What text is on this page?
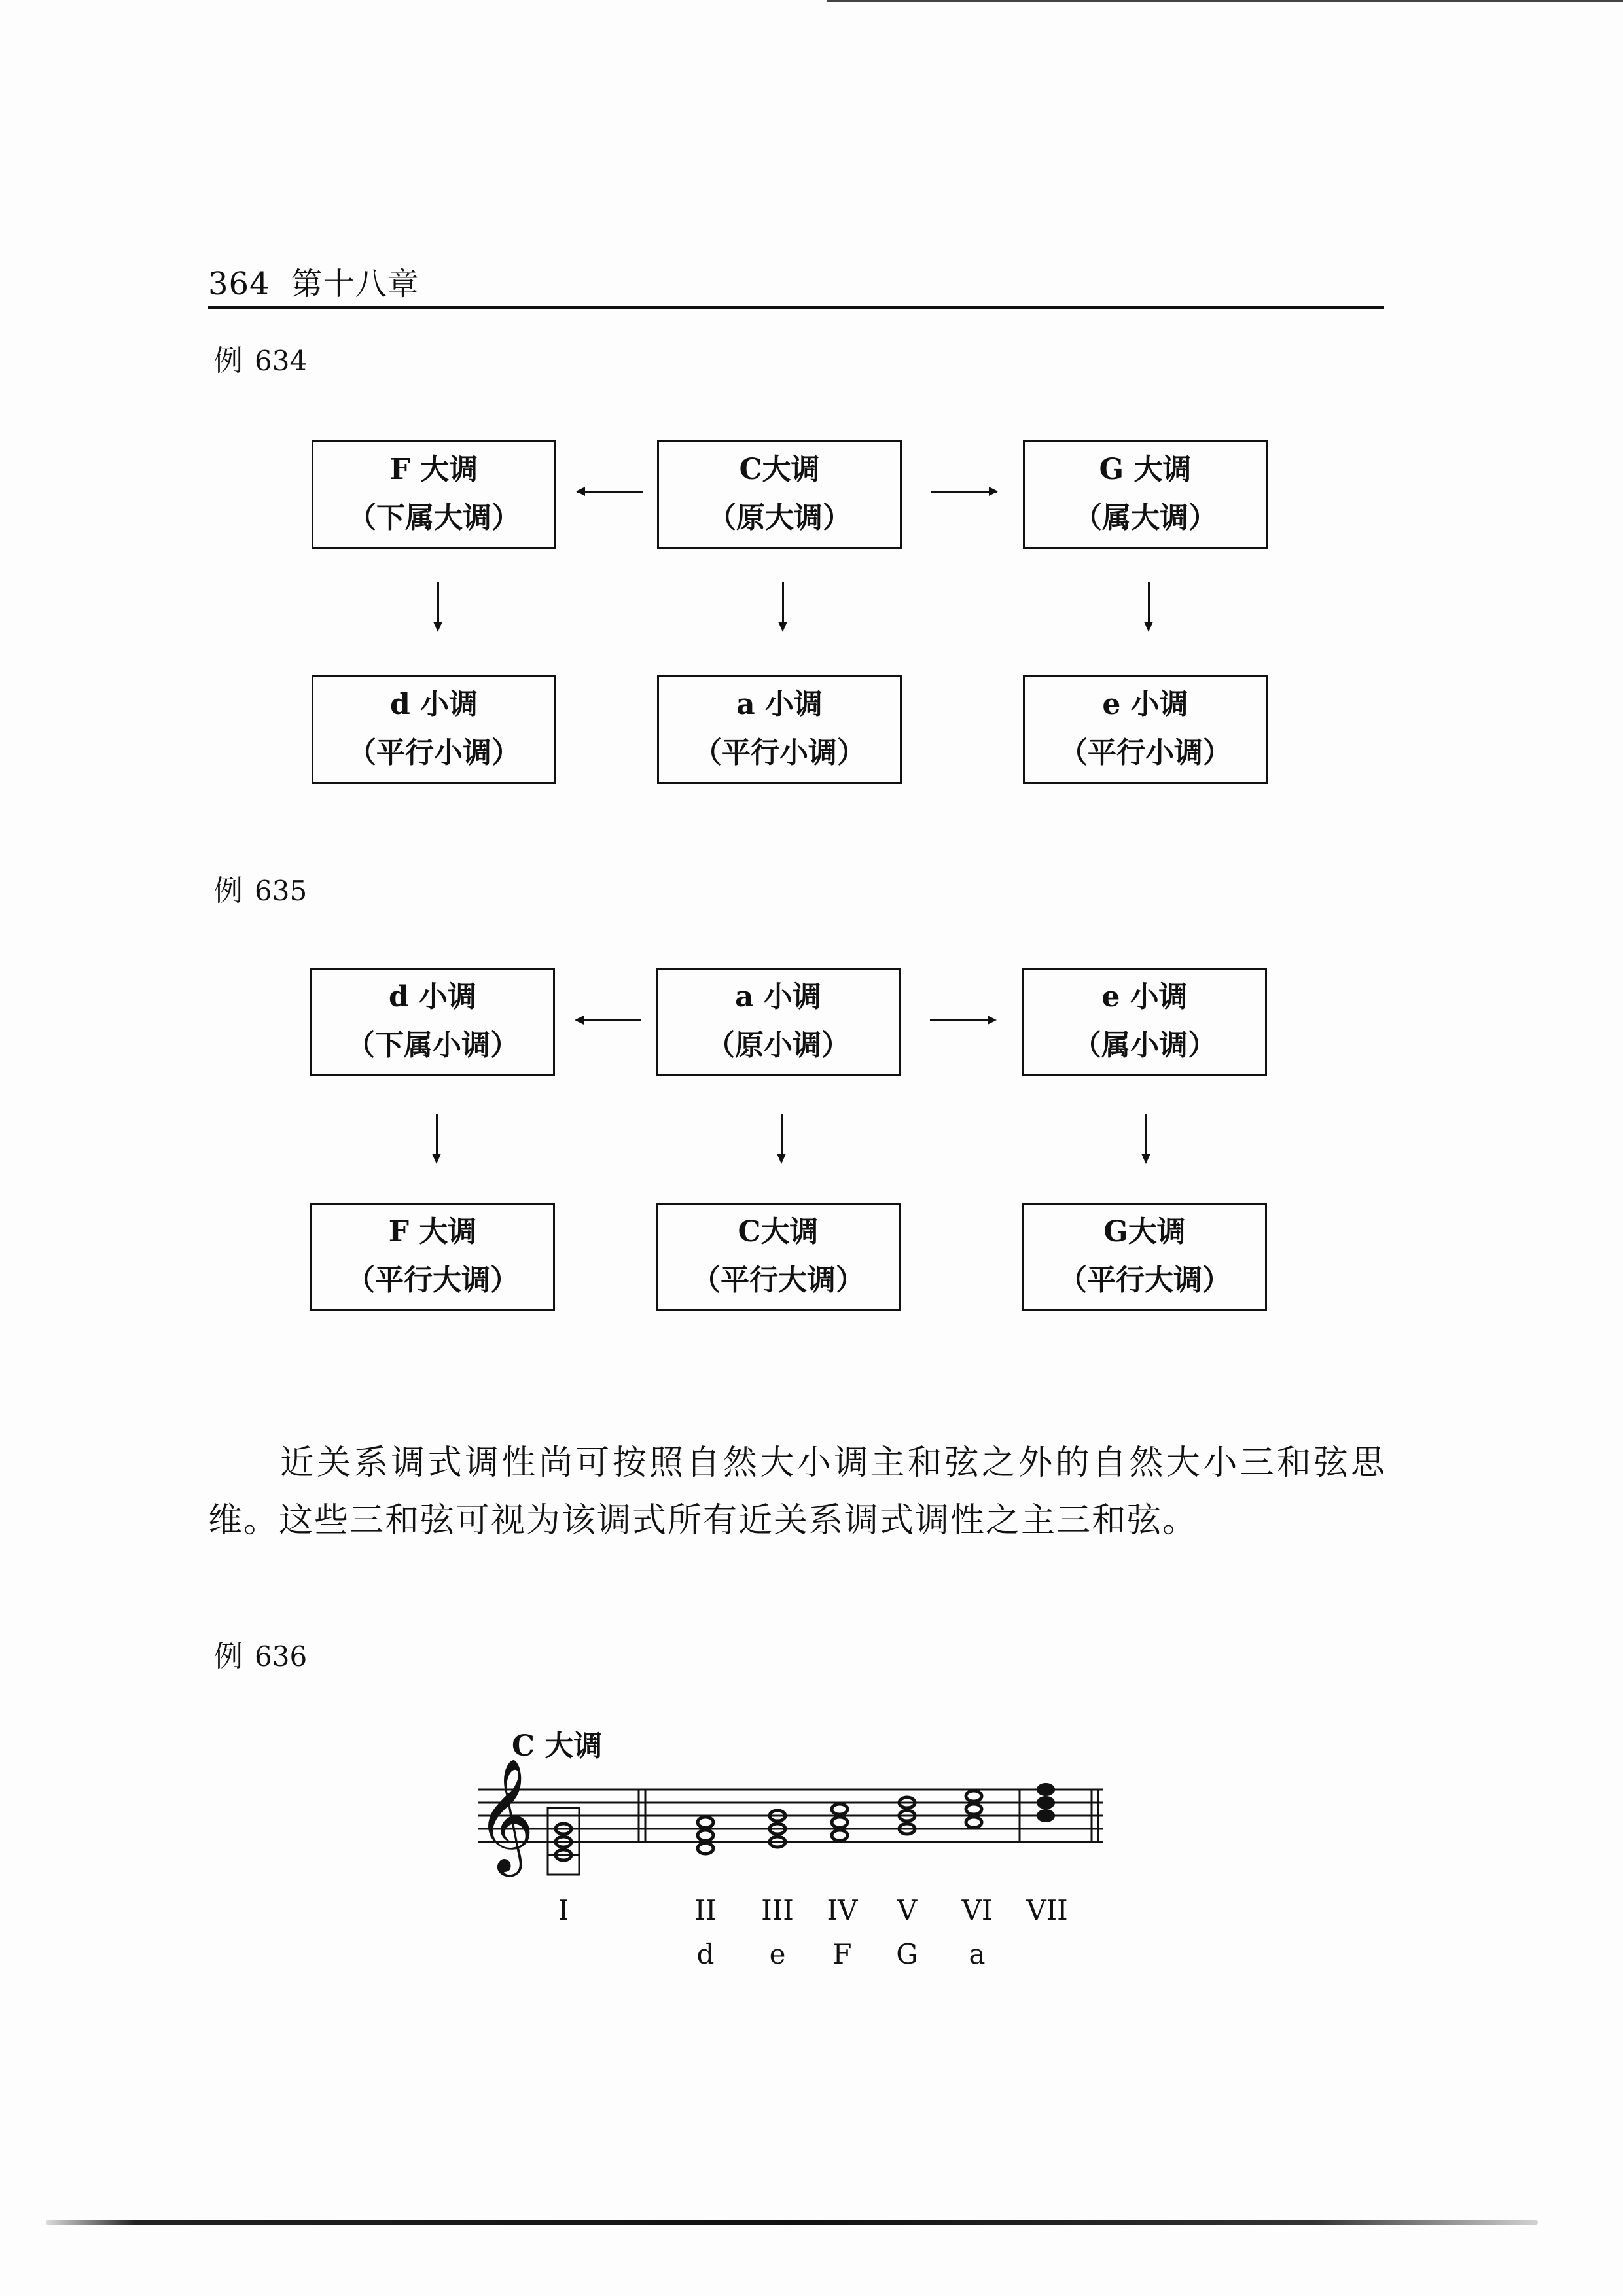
364 第十八章
例 634
F 大调
（下属大调）
C大调
（原大调）
G 大调
（属大调）
d 小调
（平行小调）
a 小调
（平行小调）
e 小调
（平行小调）
例 635
d 小调
（下属小调）
a 小调
（原小调）
e 小调
（属小调）
F 大调
（平行大调）
C大调
（平行大调）
G大调
（平行大调）
近关系调式调性尚可按照自然大小调主和弦之外的自然大小三和弦思维。这些三和弦可视为该调式所有近关系调式调性之主三和弦。
例 636
C 大调
𝄞
I	II III IV V VI VII
d e F G a
